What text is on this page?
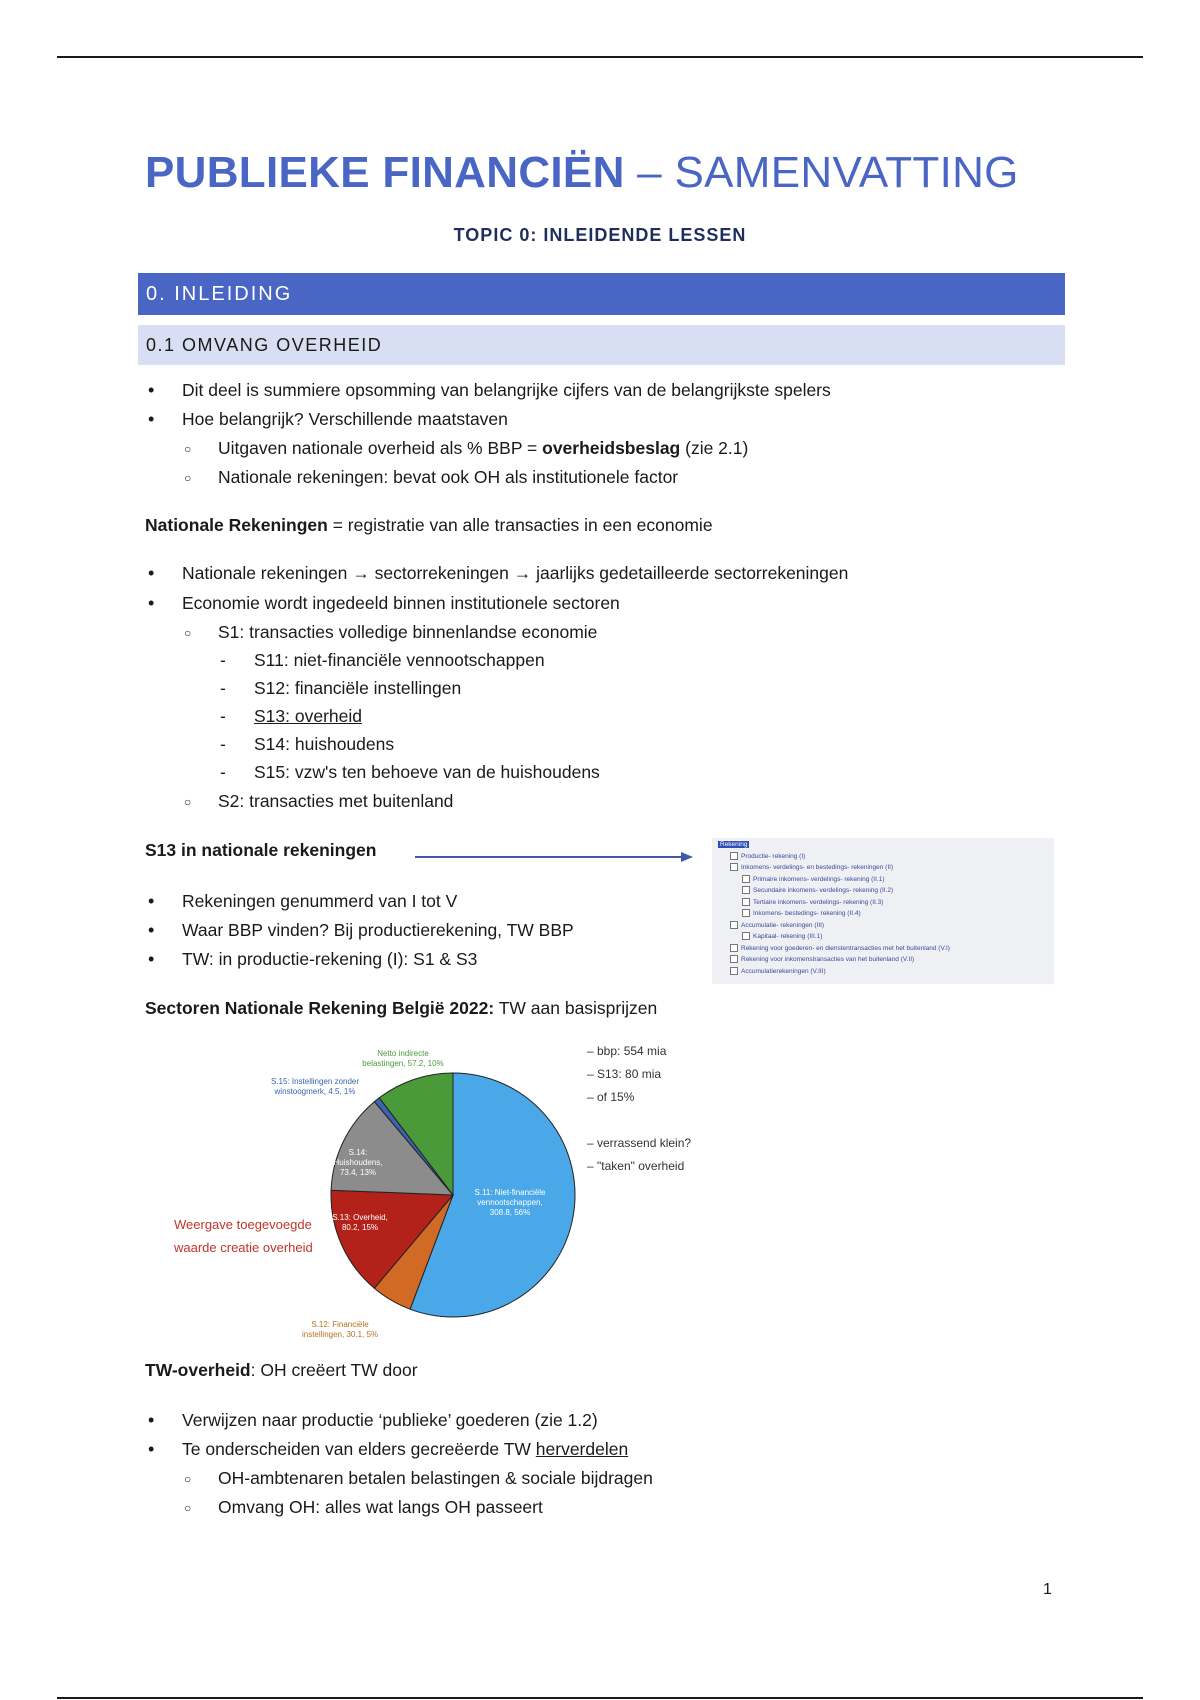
PUBLIEKE FINANCIËN – SAMENVATTING
TOPIC 0: INLEIDENDE LESSEN
0. INLEIDING
0.1 OMVANG OVERHEID
• Dit deel is summiere opsomming van belangrijke cijfers van de belangrijkste spelers
• Hoe belangrijk? Verschillende maatstaven
○ Uitgaven nationale overheid als % BBP = overheidsbeslag (zie 2.1)
○ Nationale rekeningen: bevat ook OH als institutionele factor
Nationale Rekeningen = registratie van alle transacties in een economie
• Nationale rekeningen → sectorrekeningen → jaarlijks gedetailleerde sectorrekeningen
• Economie wordt ingedeeld binnen institutionele sectoren
○ S1: transacties volledige binnenlandse economie
- S11: niet-financiële vennootschappen
- S12: financiële instellingen
- S13: overheid
- S14: huishoudens
- S15: vzw's ten behoeve van de huishoudens
○ S2: transacties met buitenland
S13 in nationale rekeningen	Rekening
Productie- rekening (I)
Inkomens- verdelings- en bestedings- rekeningen (II)
Primaire inkomens- verdelings- rekening (II.1)
Secundaire inkomens- verdelings- rekening (II.2)
Tertiaire inkomens- verdelings- rekening (II.3)
Inkomens- bestedings- rekening (II.4)
Accumulatie- rekeningen (III)
Kapitaal- rekening (III.1)
Rekening voor goederen- en dienstentransacties met het buitenland (V.I)
Rekening voor inkomenstransacties van het buitenland (V.II)
Accumulatierekeningen (V.III)
• Rekeningen genummerd van I tot V
• Waar BBP vinden? Bij productierekening, TW BBP
• TW: in productie-rekening (I): S1 & S3
Sectoren Nationale Rekening België 2022: TW aan basisprijzen
S.11: Niet-financiële vennootschappen, 308.8, 56%
S.12: Financiële instellingen, 30.1, 5%
S.13: Overheid, 80.2, 15%
S.14: Huishoudens, 73.4, 13%
S.15: Instellingen zonder winstoogmerk, 4.5, 1%
Netto indirecte belastingen, 57.2, 10%
– bbp: 554 mia
– S13: 80 mia
– of 15%
– verrassend klein?
– "taken" overheid
Weergave toegevoegde
waarde creatie overheid
TW-overheid: OH creëert TW door
• Verwijzen naar productie ‘publieke’ goederen (zie 1.2)
• Te onderscheiden van elders gecreëerde TW herverdelen
○ OH-ambtenaren betalen belastingen & sociale bijdragen
○ Omvang OH: alles wat langs OH passeert
1
